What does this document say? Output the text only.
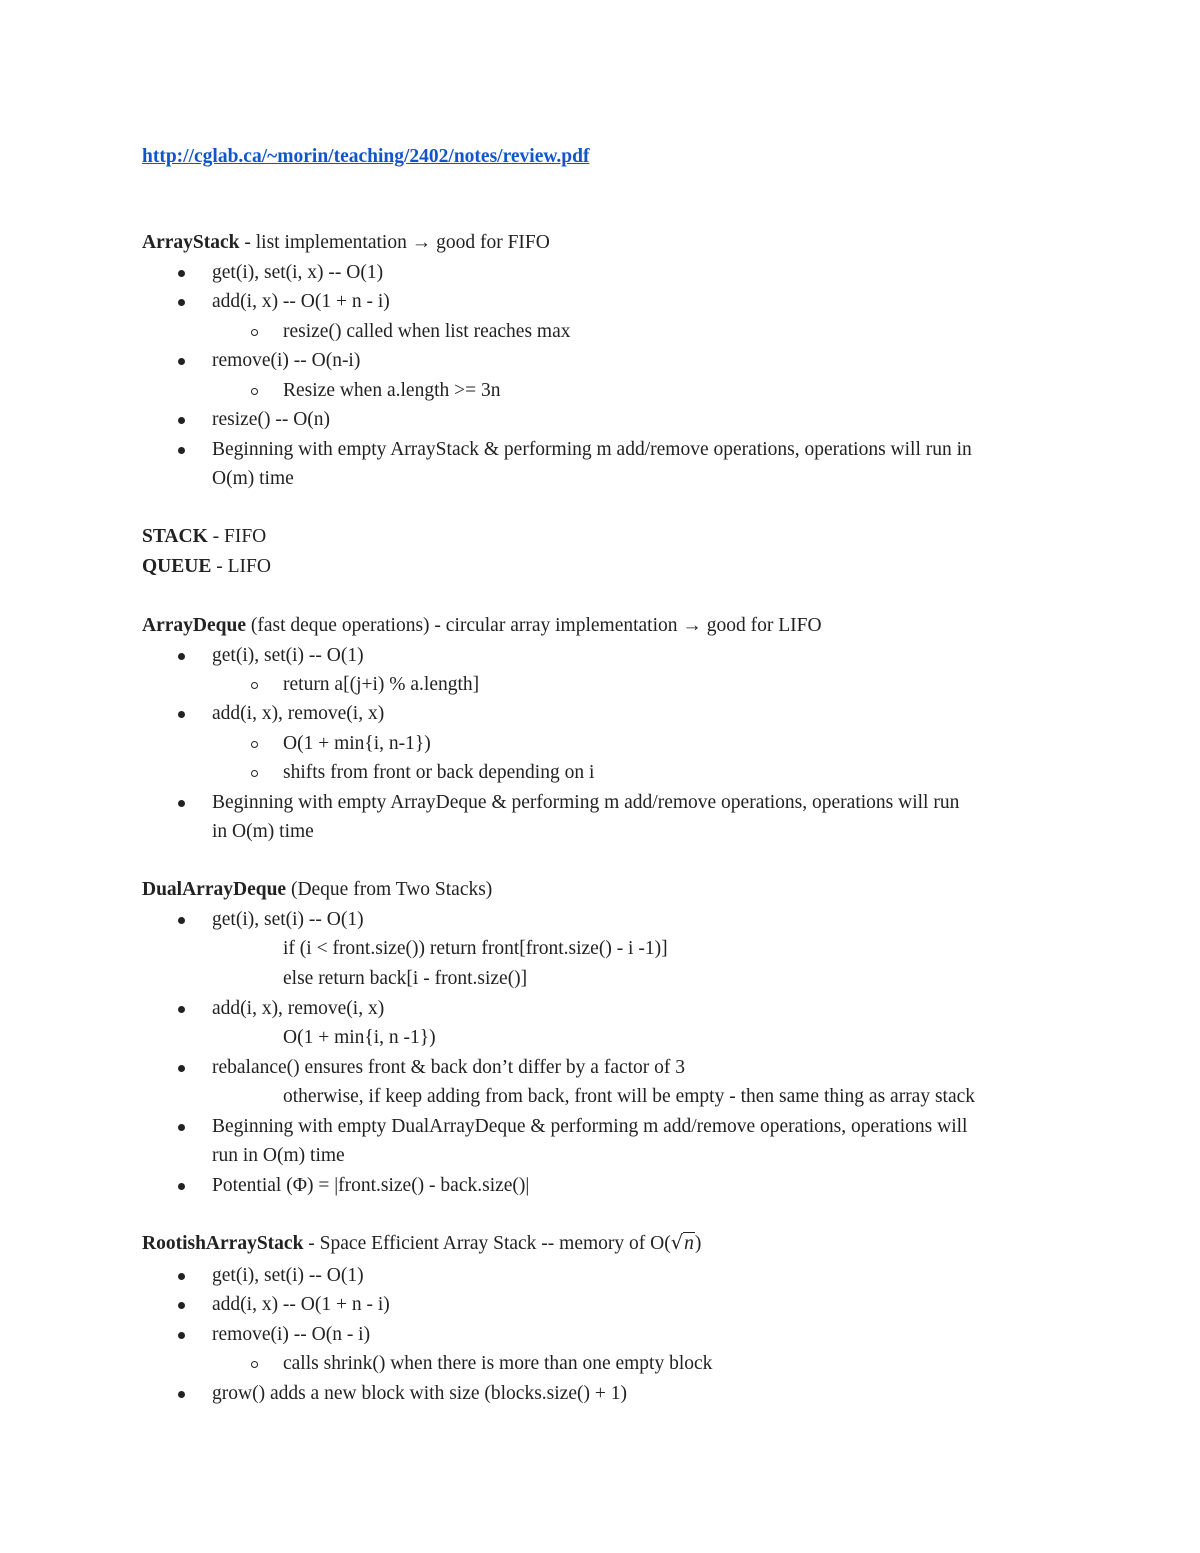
http://cglab.ca/~morin/teaching/2402/notes/review.pdf
ArrayStack - list implementation → good for FIFO
get(i), set(i, x) -- O(1)
add(i, x) -- O(1 + n - i)
resize() called when list reaches max
remove(i) -- O(n-i)
Resize when a.length >= 3n
resize() -- O(n)
Beginning with empty ArrayStack & performing m add/remove operations, operations will run in
O(m) time
STACK - FIFO
QUEUE - LIFO
ArrayDeque (fast deque operations) - circular array implementation → good for LIFO
get(i), set(i) -- O(1)
return a[(j+i) % a.length]
add(i, x), remove(i, x)
O(1 + min{i, n-1})
shifts from front or back depending on i
Beginning with empty ArrayDeque & performing m add/remove operations, operations will run
in O(m) time
DualArrayDeque (Deque from Two Stacks)
get(i), set(i) -- O(1)
if (i < front.size()) return front[front.size() - i -1)]
else return back[i - front.size()]
add(i, x), remove(i, x)
O(1 + min{i, n -1})
rebalance() ensures front & back don’t differ by a factor of 3
otherwise, if keep adding from back, front will be empty - then same thing as array stack
Beginning with empty DualArrayDeque & performing m add/remove operations, operations will
run in O(m) time
Potential (Φ) = |front.size() - back.size()|
RootishArrayStack - Space Efficient Array Stack -- memory of O(√n)
get(i), set(i) -- O(1)
add(i, x) -- O(1 + n - i)
remove(i) -- O(n - i)
calls shrink() when there is more than one empty block
grow() adds a new block with size (blocks.size() + 1)
